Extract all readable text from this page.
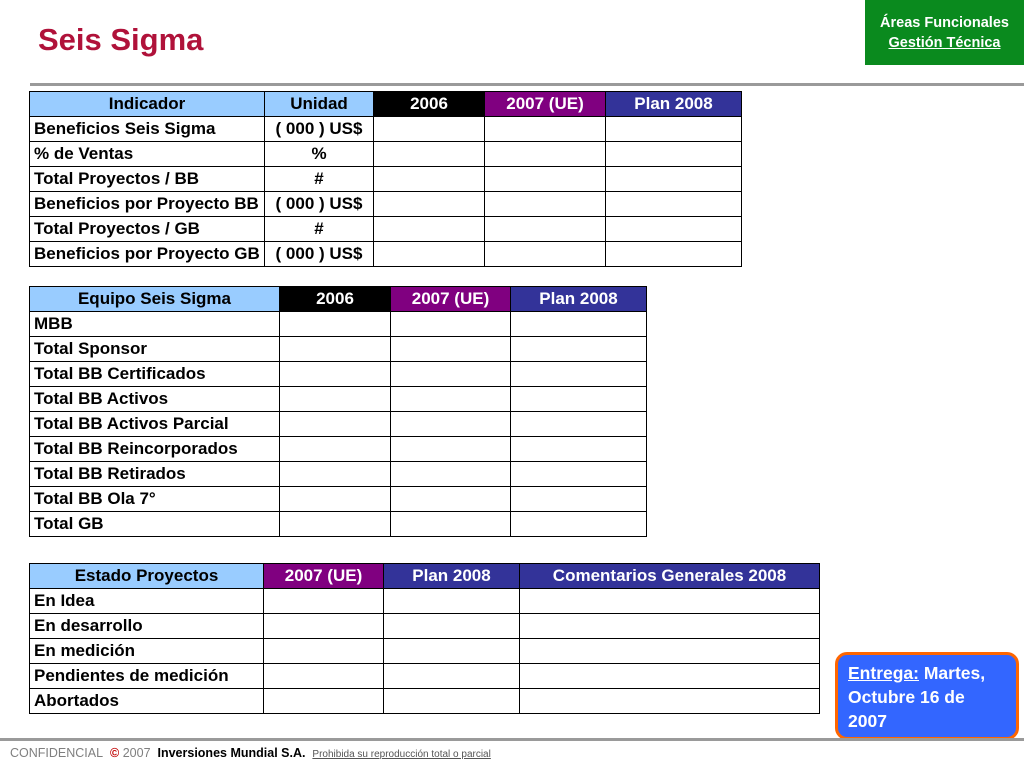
Seis Sigma	Áreas Funcionales
Gestión Técnica
Indicador	Unidad	2006	2007 (UE)	Plan 2008
Beneficios Seis Sigma	( 000 ) US$			
% de Ventas	%			
Total Proyectos / BB	#			
Beneficios por Proyecto BB	( 000 ) US$			
Total Proyectos / GB	#			
Beneficios por Proyecto GB	( 000 ) US$			
Equipo Seis Sigma	2006	2007 (UE)	Plan 2008
MBB			
Total Sponsor			
Total BB Certificados			
Total BB Activos			
Total BB Activos Parcial			
Total BB Reincorporados			
Total BB Retirados			
Total BB Ola 7°			
Total GB			
Estado Proyectos	2007 (UE)	Plan 2008	Comentarios Generales 2008
En Idea			
En desarrollo			
En medición			
Pendientes de medición			
Abortados			
Entrega: Martes, Octubre 16 de 2007
CONFIDENCIAL © 2007 Inversiones Mundial S.A. Prohibida su reproducción total o parcial
